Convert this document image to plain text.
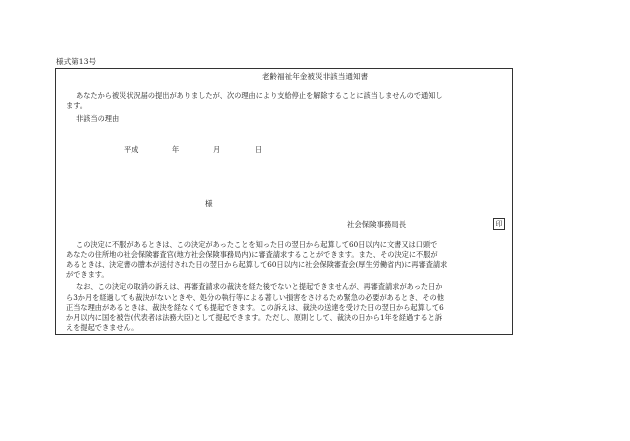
様式第13号
老齢福祉年金被災非該当通知書
あなたから被災状況届の提出がありましたが、次の理由により支給停止を解除することに該当しませんので通知し
ます。
非該当の理由
平成	年	月	日
様
社会保険事務局長	印
この決定に不服があるときは、この決定があったことを知った日の翌日から起算して60日以内に文書又は口頭で
あなたの住所地の社会保険審査官(地方社会保険事務局内)に審査請求することができます。また、その決定に不服が
あるときは、決定書の謄本が送付された日の翌日から起算して60日以内に社会保険審査会(厚生労働省内)に再審査請求
ができます。
なお、この決定の取消の訴えは、再審査請求の裁決を経た後でないと提起できませんが、再審査請求があった日か
ら3か月を経過しても裁決がないときや、処分の執行等による著しい損害をさけるため緊急の必要があるとき、その他
正当な理由があるときは、裁決を経なくても提起できます。この訴えは、裁決の送達を受けた日の翌日から起算して6
か月以内に国を被告(代表者は法務大臣)として提起できます。ただし、原則として、裁決の日から1年を経過すると訴
えを提起できません。
